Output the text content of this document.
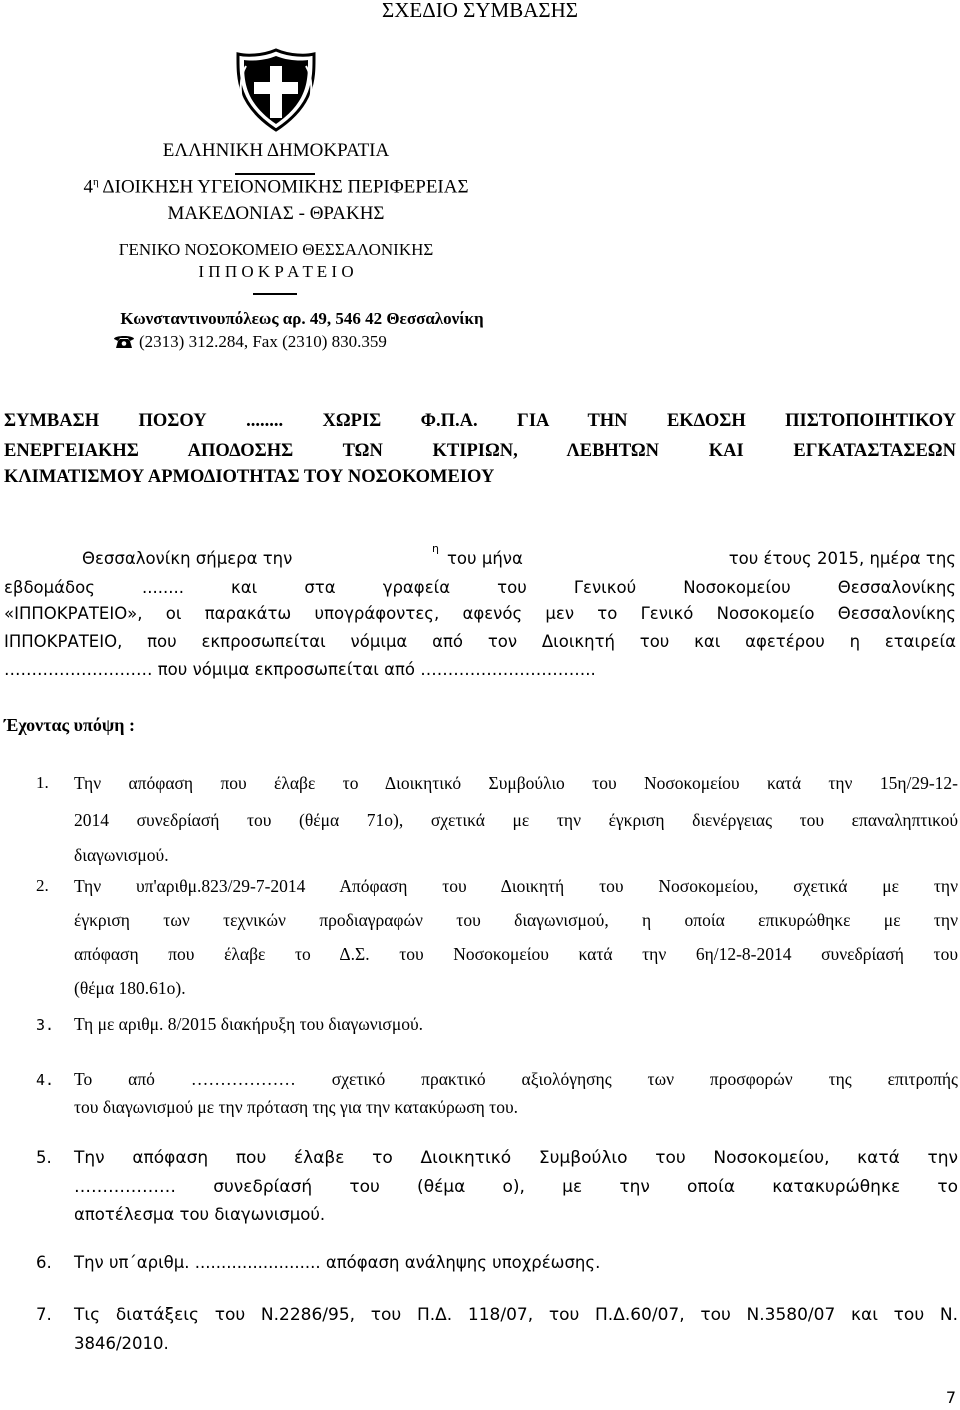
ΣΧΕΔΙΟ ΣΥΜΒΑΣΗΣ
ΕΛΛΗΝΙΚΗ ΔΗΜΟΚΡΑΤΙΑ
$4^\eta$ ΔΙΟΙΚΗΣΗ ΥΓΕΙΟΝΟΜΙΚΗΣ ΠΕΡΙΦΕΡΕΙΑΣ
ΜΑΚΕΔΟΝΙΑΣ - ΘΡΑΚΗΣ
ΓΕΝΙΚΟ ΝΟΣΟΚΟΜΕΙΟ ΘΕΣΣΑΛΟΝΙΚΗΣ
Ι Π Π Ο Κ Ρ Α Τ Ε Ι Ο
Κωνσταντινουπόλεως αρ. 49, 546 42 Θεσσαλονίκη
(2313) 312.284, Fax (2310) 830.359
ΣΥΜΒΑΣΗ ΠΟΣΟΥ ........ ΧΩΡΙΣ Φ.Π.Α. ΓΙΑ ΤΗΝ ΕΚΔΟΣΗ ΠΙΣΤΟΠΟΙΗΤΙΚΟΥ
ΕΝΕΡΓΕΙΑΚΗΣ ΑΠΟΔΟΣΗΣ ΤΩΝ ΚΤΙΡΙΩΝ, ΛΕΒΗΤΩΝ ΚΑΙ ΕΓΚΑΤΑΣΤΑΣΕΩΝ
ΚΛΙΜΑΤΙΣΜΟΥ ΑΡΜΟΔΙΟΤΗΤΑΣ ΤΟΥ ΝΟΣΟΚΟΜΕΙΟΥ
Θεσσαλονίκη σήμερα την
η
του μήνα	του έτους 2015, ημέρα της
εβδομάδος ........ και στα γραφεία του Γενικού Νοσοκομείου Θεσσαλονίκης
«ΙΠΠΟΚΡΑΤΕΙΟ», οι παρακάτω υπογράφοντες, αφενός μεν το Γενικό Νοσοκομείο Θεσσαλονίκης
ΙΠΠΟΚΡΑΤΕΙΟ, που εκπροσωπείται νόμιμα από τον Διοικητή του και αφετέρου η εταιρεία
……………………… που νόμιμα εκπροσωπείται από …………………………..
Έχοντας υπόψη :
1.	Την απόφαση που έλαβε το Διοικητικό Συμβούλιο του Νοσοκομείου κατά την 15η/29-12-
2014 συνεδρίασή του (θέμα 71ο), σχετικά με την έγκριση διενέργειας του επαναληπτικού
διαγωνισμού.
2.	Την υπ'αριθμ.823/29-7-2014 Απόφαση του Διοικητή του Νοσοκομείου, σχετικά με την
έγκριση των τεχνικών προδιαγραφών του διαγωνισμού, η οποία επικυρώθηκε με την
απόφαση που έλαβε το Δ.Σ. του Νοσοκομείου κατά την 6η/12-8-2014 συνεδρίασή του
(θέμα 180.61ο).
3.	Τη με αριθμ. 8/2015 διακήρυξη του διαγωνισμού.
4.	Το από ……………… σχετικό πρακτικό αξιολόγησης των προσφορών της επιτροπής
του διαγωνισμού με την πρόταση της για την κατακύρωση του.
5.	Την απόφαση που έλαβε το Διοικητικό Συμβούλιο του Νοσοκομείου, κατά την
……………… συνεδρίασή του (θέμα ο), με την οποία κατακυρώθηκε το
αποτέλεσμα του διαγωνισμού.
6.	Την υπ΄αριθμ. ........................ απόφαση ανάληψης υποχρέωσης.
7.	Τις διατάξεις του Ν.2286/95, του Π.Δ. 118/07, του Π.Δ.60/07, του Ν.3580/07 και του Ν.
3846/2010.
7
